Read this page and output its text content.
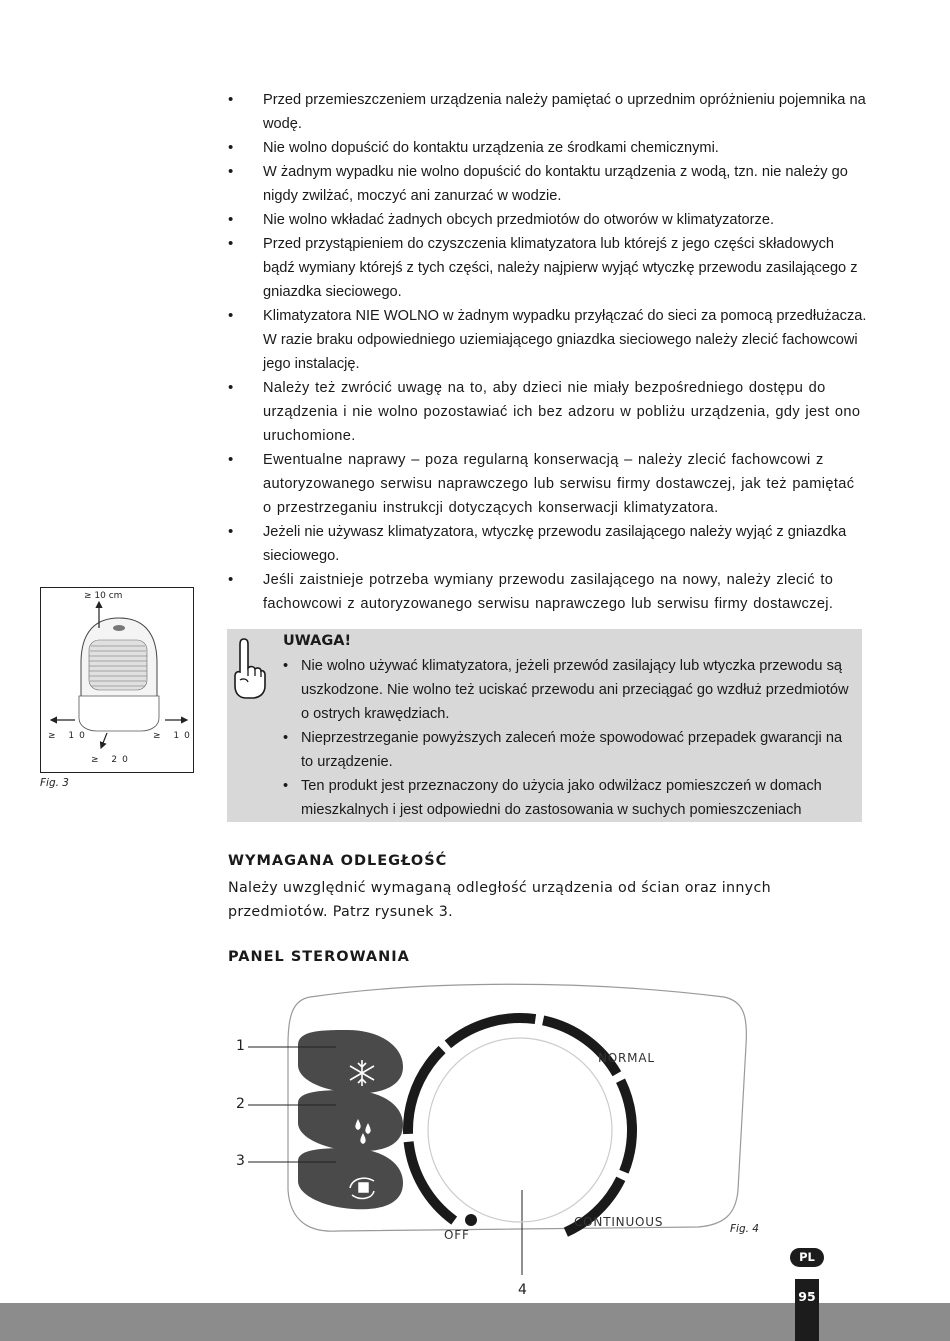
• Przed przemieszczeniem urządzenia należy pamiętać o uprzednim opróżnieniu pojemnika na wodę.
• Nie wolno dopuścić do kontaktu urządzenia ze środkami chemicznymi.
• W żadnym wypadku nie wolno dopuścić do kontaktu urządzenia z wodą, tzn. nie należy go nigdy zwilżać, moczyć ani zanurzać w wodzie.
• Nie wolno wkładać żadnych obcych przedmiotów do otworów w klimatyzatorze.
• Przed przystąpieniem do czyszczenia klimatyzatora lub którejś z jego części składowych bądź wymiany którejś z tych części, należy najpierw wyjąć wtyczkę przewodu zasilającego z gniazdka sieciowego.
• Klimatyzatora NIE WOLNO w żadnym wypadku przyłączać do sieci za pomocą przedłużacza. W razie braku odpowiedniego uziemiającego gniazdka sieciowego należy zlecić fachowcowi jego instalację.
• Należy też zwrócić uwagę na to, aby dzieci nie miały bezpośredniego dostępu do urządzenia i nie wolno pozostawiać ich bez adzoru w pobliżu urządzenia, gdy jest ono uruchomione.
• Ewentualne naprawy – poza regularną konserwacją – należy zlecić fachowcowi z autoryzowanego serwisu naprawczego lub serwisu firmy dostawczej, jak też pamiętać o przestrzeganiu instrukcji dotyczących konserwacji klimatyzatora.
• Jeżeli nie używasz klimatyzatora, wtyczkę przewodu zasilającego należy wyjąć z gniazdka sieciowego.
• Jeśli zaistnieje potrzeba wymiany przewodu zasilającego na nowy, należy zlecić to fachowcowi z autoryzowanego serwisu naprawczego lub serwisu firmy dostawczej.
≥ 10 cm
≥ 10	≥ 10
≥ 20
Fig. 3
UWAGA!
• Nie wolno używać klimatyzatora, jeżeli przewód zasilający lub wtyczka przewodu są uszkodzone. Nie wolno też uciskać przewodu ani przeciągać go wzdłuż przedmiotów o ostrych krawędziach.
• Nieprzestrzeganie powyższych zaleceń może spowodować przepadek gwarancji na to urządzenie.
• Ten produkt jest przeznaczony do użycia jako odwilżacz pomieszczeń w domach mieszkalnych i jest odpowiedni do zastosowania w suchych pomieszczeniach
WYMAGANA ODLEGŁOŚĆ
Należy uwzględnić wymaganą odległość urządzenia od ścian oraz innych przedmiotów. Patrz rysunek 3.
PANEL STEROWANIA
NORMAL
CONTINUOUS
OFF
1
2
3
4
Fig. 4
PL
95
